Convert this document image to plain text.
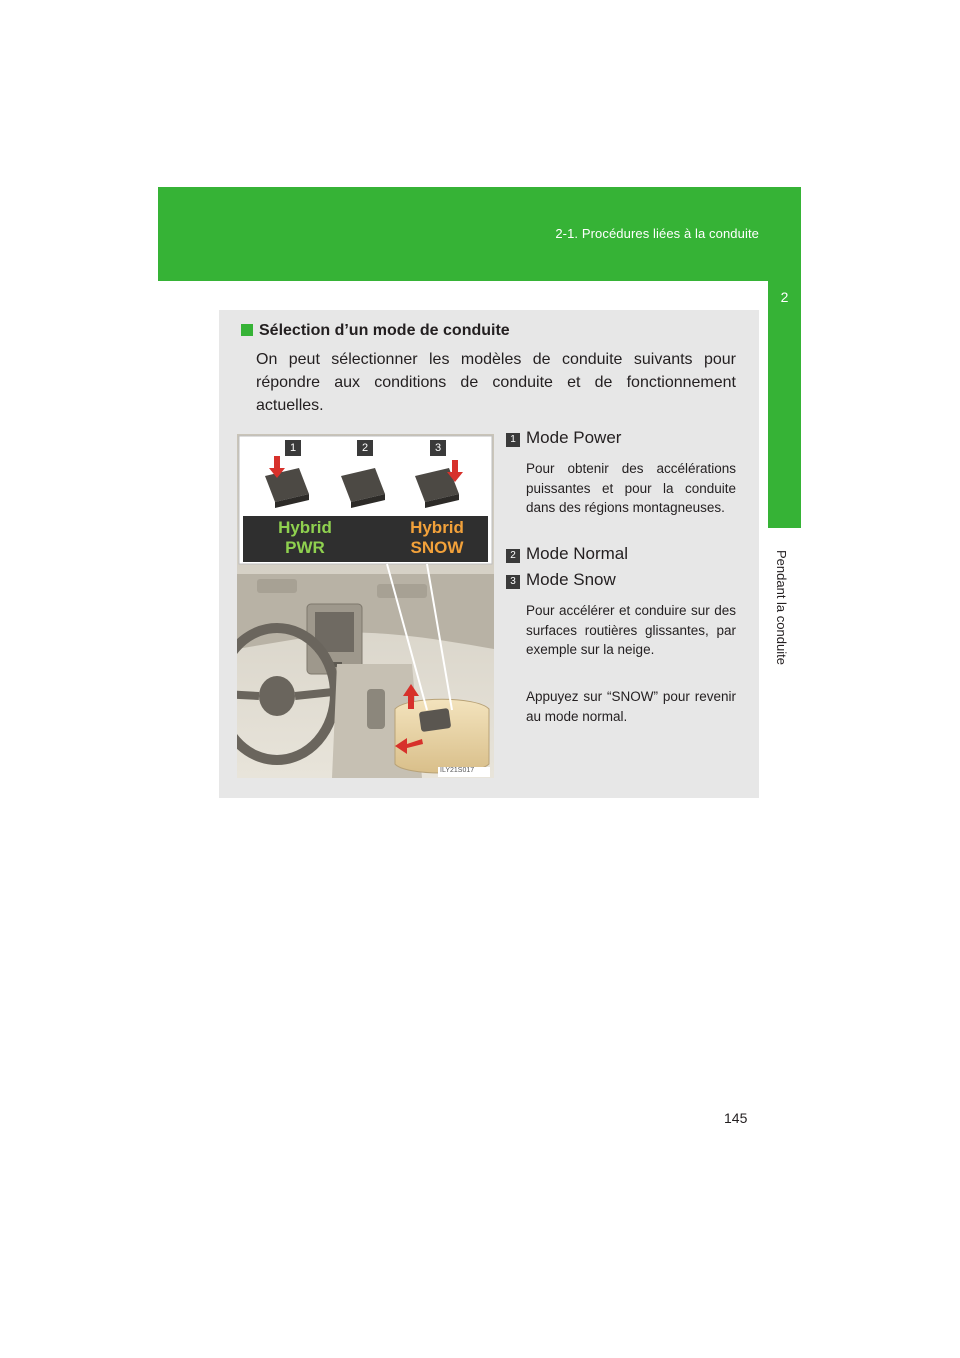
2-1. Procédures liées à la conduite
2
Pendant la conduite
Sélection d’un mode de conduite
On peut sélectionner les modèles de conduite suivants pour répondre aux conditions de conduite et de fonctionnement actuelles.
1	2	3
Hybrid
PWR
Hybrid
SNOW
ILY21S017
1 Mode Power
Pour obtenir des accélérations puissantes et pour la conduite dans des régions montagneuses.
2 Mode Normal
3 Mode Snow
Pour accélérer et conduire sur des surfaces routières glissantes, par exemple sur la neige.
Appuyez sur “SNOW” pour revenir au mode normal.
145
